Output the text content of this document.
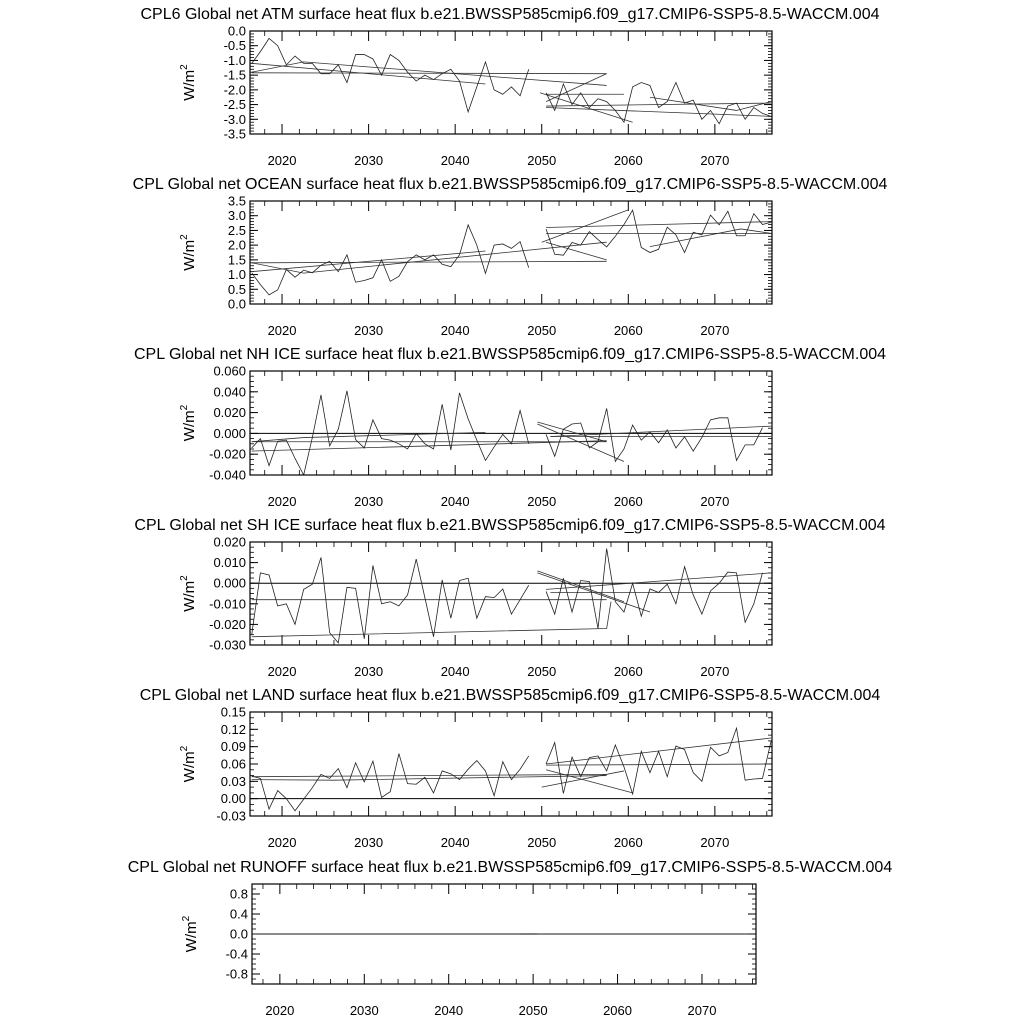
CPL6 Global net ATM surface heat flux b.e21.BWSSP585cmip6.f09_g17.CMIP6-SSP5-8.5-WACCM.004
$W/m^2$
0.0
-0.5
-1.0
-1.5
-2.0
-2.5
-3.0
-3.5
2020	2030	2040	2050	2060	2070
CPL Global net OCEAN surface heat flux b.e21.BWSSP585cmip6.f09_g17.CMIP6-SSP5-8.5-WACCM.004
$W/m^2$
3.5
3.0
2.5
2.0
1.5
1.0
0.5
0.0
2020	2030	2040	2050	2060	2070
CPL Global net NH ICE surface heat flux b.e21.BWSSP585cmip6.f09_g17.CMIP6-SSP5-8.5-WACCM.004
$W/m^2$
0.060
0.040
0.020
0.000
-0.020
-0.040
2020	2030	2040	2050	2060	2070
CPL Global net SH ICE surface heat flux b.e21.BWSSP585cmip6.f09_g17.CMIP6-SSP5-8.5-WACCM.004
$W/m^2$
0.020
0.010
0.000
-0.010
-0.020
-0.030
2020	2030	2040	2050	2060	2070
CPL Global net LAND surface heat flux b.e21.BWSSP585cmip6.f09_g17.CMIP6-SSP5-8.5-WACCM.004
$W/m^2$
0.15
0.12
0.09
0.06
0.03
0.00
-0.03
2020	2030	2040	2050	2060	2070
CPL Global net RUNOFF surface heat flux b.e21.BWSSP585cmip6.f09_g17.CMIP6-SSP5-8.5-WACCM.004
$W/m^2$
0.8
0.4
0.0
-0.4
-0.8
2020	2030	2040	2050	2060	2070
